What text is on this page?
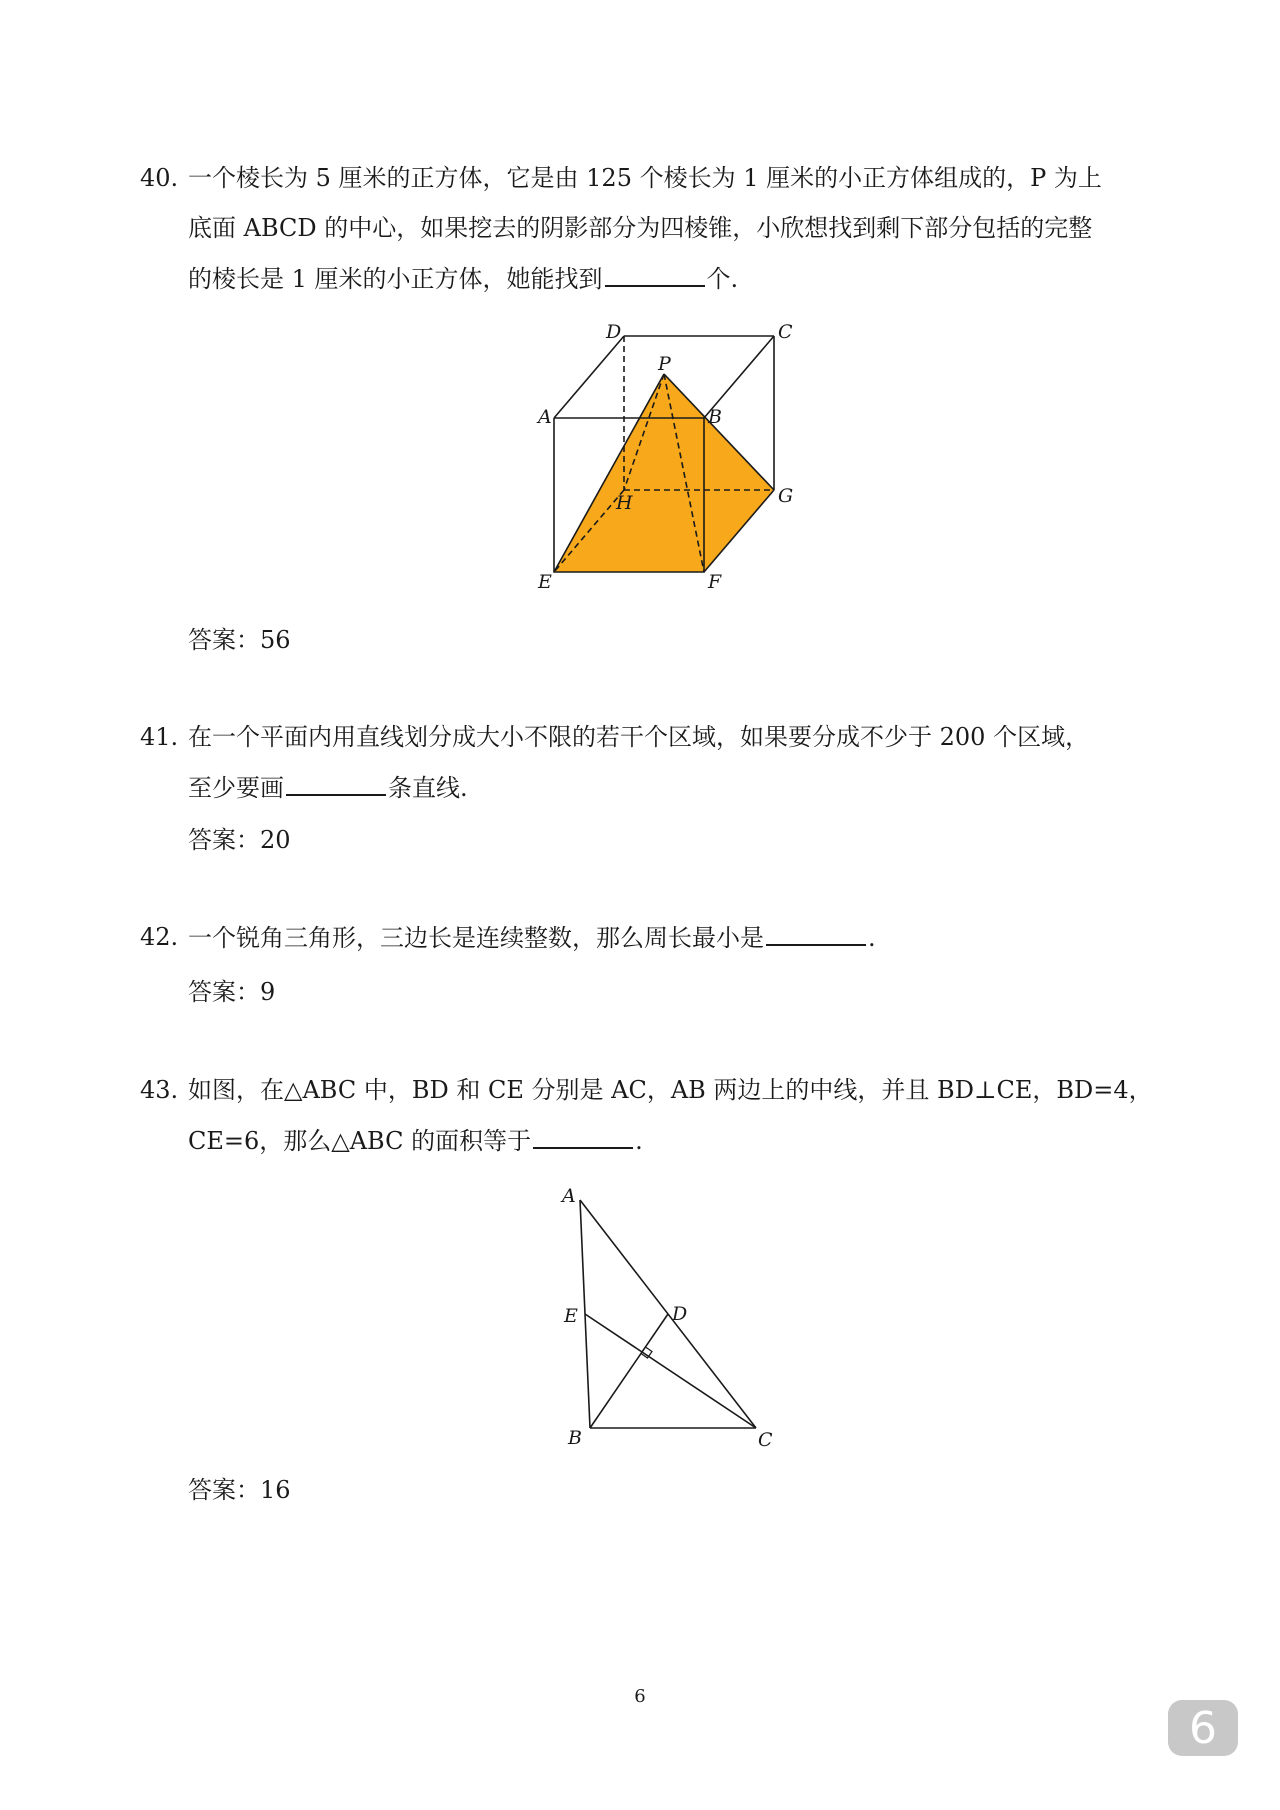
40. 一个棱长为 5 厘米的正方体，它是由 125 个棱长为 1 厘米的小正方体组成的，P 为上
底面 ABCD 的中心，如果挖去的阴影部分为四棱锥，小欣想找到剩下部分包括的完整
的棱长是 1 厘米的小正方体，她能找到	个.
A	B
C
D
E	F
G
H
P
答案：56
41. 在一个平面内用直线划分成大小不限的若干个区域，如果要分成不少于 200 个区域，
至少要画	条直线.
答案：20
42. 一个锐角三角形，三边长是连续整数，那么周长最小是	.
答案：9
43. 如图，在△ABC 中，BD 和 CE 分别是 AC，AB 两边上的中线，并且 BD⊥CE，BD=4，
CE=6，那么△ABC 的面积等于	.
A
B	C
D
E
答案：16
6
6
